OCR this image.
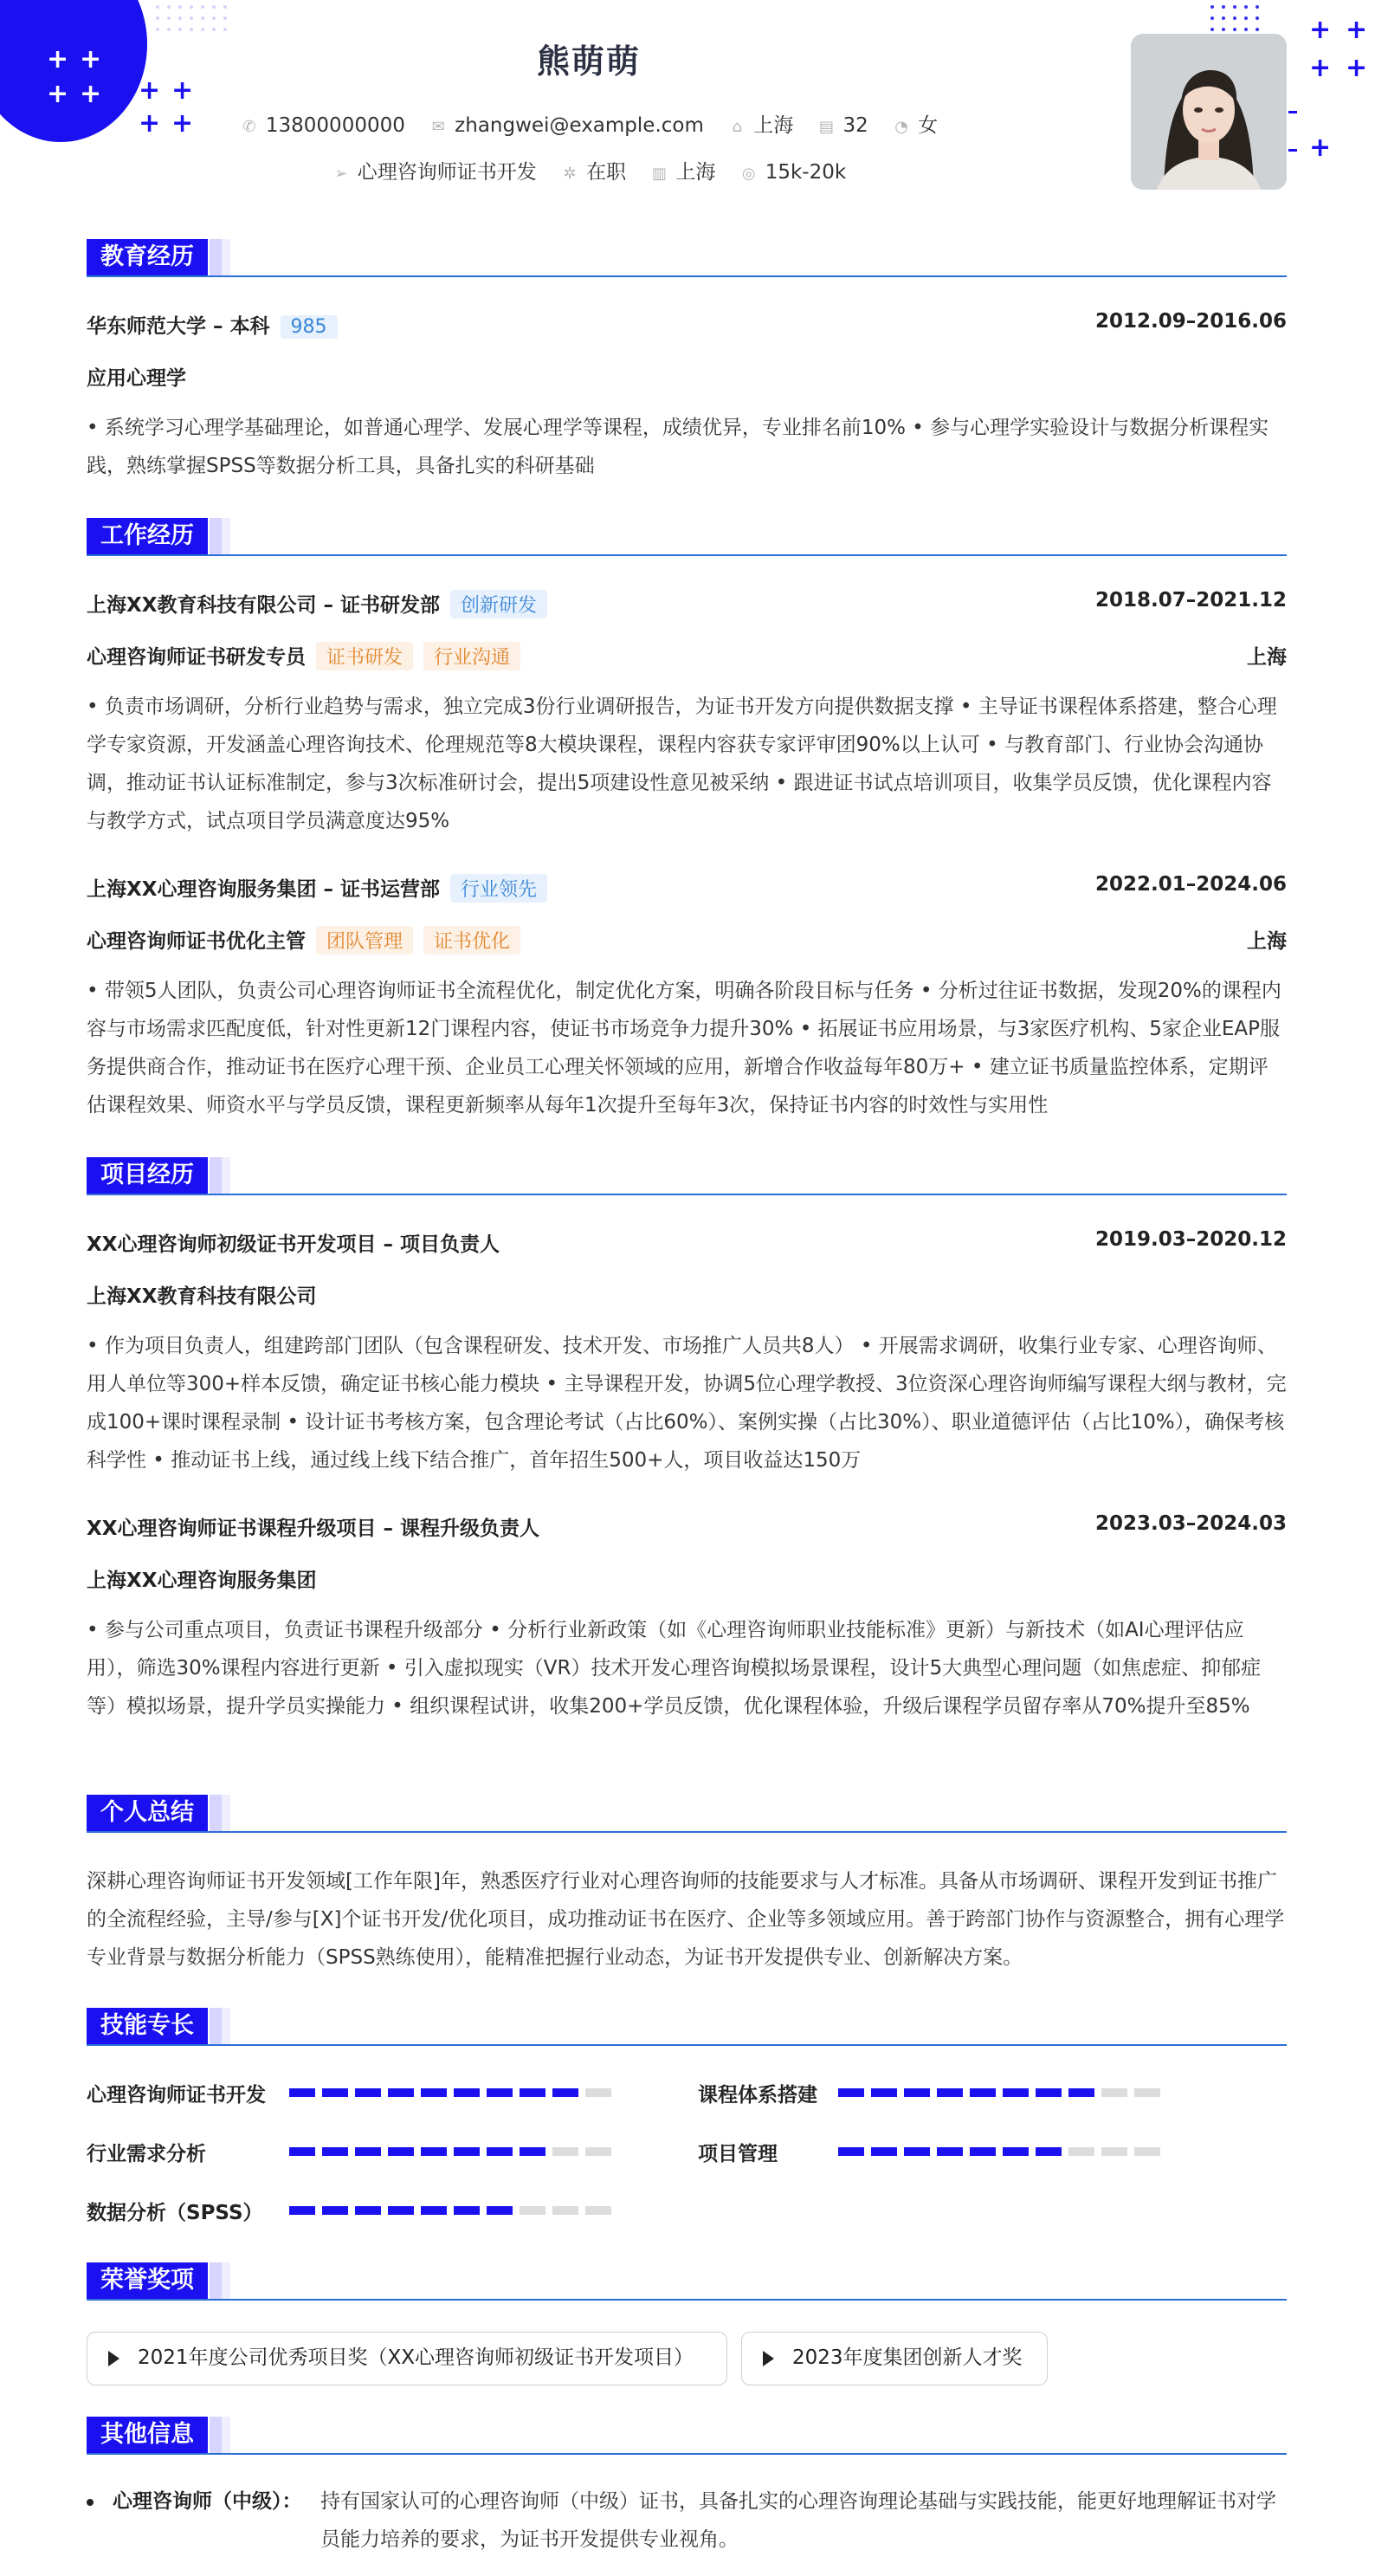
+ +
+ + + +
+ +
+ +
+ +
+
熊萌萌
✆ 13800000000 ✉ zhangwei@example.com ⌂ 上海 ▤ 32 ◔ 女
➢ 心理咨询师证书开发 ✲ 在职 ▥ 上海 ◎ 15k-20k
教育经历
华东师范大学 – 本科 985	2012.09–2016.06
应用心理学
• 系统学习心理学基础理论，如普通心理学、发展心理学等课程，成绩优异，专业排名前10% • 参与心理学实验设计与数据分析课程实践，熟练掌握SPSS等数据分析工具，具备扎实的科研基础
工作经历
上海XX教育科技有限公司 – 证书研发部 创新研发	2018.07–2021.12
心理咨询师证书研发专员 证书研发 行业沟通	上海
• 负责市场调研，分析行业趋势与需求，独立完成3份行业调研报告，为证书开发方向提供数据支撑 • 主导证书课程体系搭建，整合心理学专家资源，开发涵盖心理咨询技术、伦理规范等8大模块课程，课程内容获专家评审团90%以上认可 • 与教育部门、行业协会沟通协调，推动证书认证标准制定，参与3次标准研讨会，提出5项建设性意见被采纳 • 跟进证书试点培训项目，收集学员反馈，优化课程内容与教学方式，试点项目学员满意度达95%
上海XX心理咨询服务集团 – 证书运营部 行业领先	2022.01–2024.06
心理咨询师证书优化主管 团队管理 证书优化	上海
• 带领5人团队，负责公司心理咨询师证书全流程优化，制定优化方案，明确各阶段目标与任务 • 分析过往证书数据，发现20%的课程内容与市场需求匹配度低，针对性更新12门课程内容，使证书市场竞争力提升30% • 拓展证书应用场景，与3家医疗机构、5家企业EAP服务提供商合作，推动证书在医疗心理干预、企业员工心理关怀领域的应用，新增合作收益每年80万+ • 建立证书质量监控体系，定期评估课程效果、师资水平与学员反馈，课程更新频率从每年1次提升至每年3次，保持证书内容的时效性与实用性
项目经历
XX心理咨询师初级证书开发项目 – 项目负责人	2019.03–2020.12
上海XX教育科技有限公司
• 作为项目负责人，组建跨部门团队（包含课程研发、技术开发、市场推广人员共8人） • 开展需求调研，收集行业专家、心理咨询师、用人单位等300+样本反馈，确定证书核心能力模块 • 主导课程开发，协调5位心理学教授、3位资深心理咨询师编写课程大纲与教材，完成100+课时课程录制 • 设计证书考核方案，包含理论考试（占比60%）、案例实操（占比30%）、职业道德评估（占比10%），确保考核科学性 • 推动证书上线，通过线上线下结合推广，首年招生500+人，项目收益达150万
XX心理咨询师证书课程升级项目 – 课程升级负责人	2023.03–2024.03
上海XX心理咨询服务集团
• 参与公司重点项目，负责证书课程升级部分 • 分析行业新政策（如《心理咨询师职业技能标准》更新）与新技术（如AI心理评估应用），筛选30%课程内容进行更新 • 引入虚拟现实（VR）技术开发心理咨询模拟场景课程，设计5大典型心理问题（如焦虑症、抑郁症等）模拟场景，提升学员实操能力 • 组织课程试讲，收集200+学员反馈，优化课程体验，升级后课程学员留存率从70%提升至85%
个人总结
深耕心理咨询师证书开发领域[工作年限]年，熟悉医疗行业对心理咨询师的技能要求与人才标准。具备从市场调研、课程开发到证书推广的全流程经验，主导/参与[X]个证书开发/优化项目，成功推动证书在医疗、企业等多领域应用。善于跨部门协作与资源整合，拥有心理学专业背景与数据分析能力（SPSS熟练使用），能精准把握行业动态，为证书开发提供专业、创新解决方案。
技能专长
心理咨询师证书开发	课程体系搭建
行业需求分析	项目管理
数据分析（SPSS）
荣誉奖项
2021年度公司优秀项目奖（XX心理咨询师初级证书开发项目）	2023年度集团创新人才奖
其他信息
心理咨询师（中级）： 持有国家认可的心理咨询师（中级）证书，具备扎实的心理咨询理论基础与实践技能，能更好地理解证书对学员能力培养的要求，为证书开发提供专业视角。
